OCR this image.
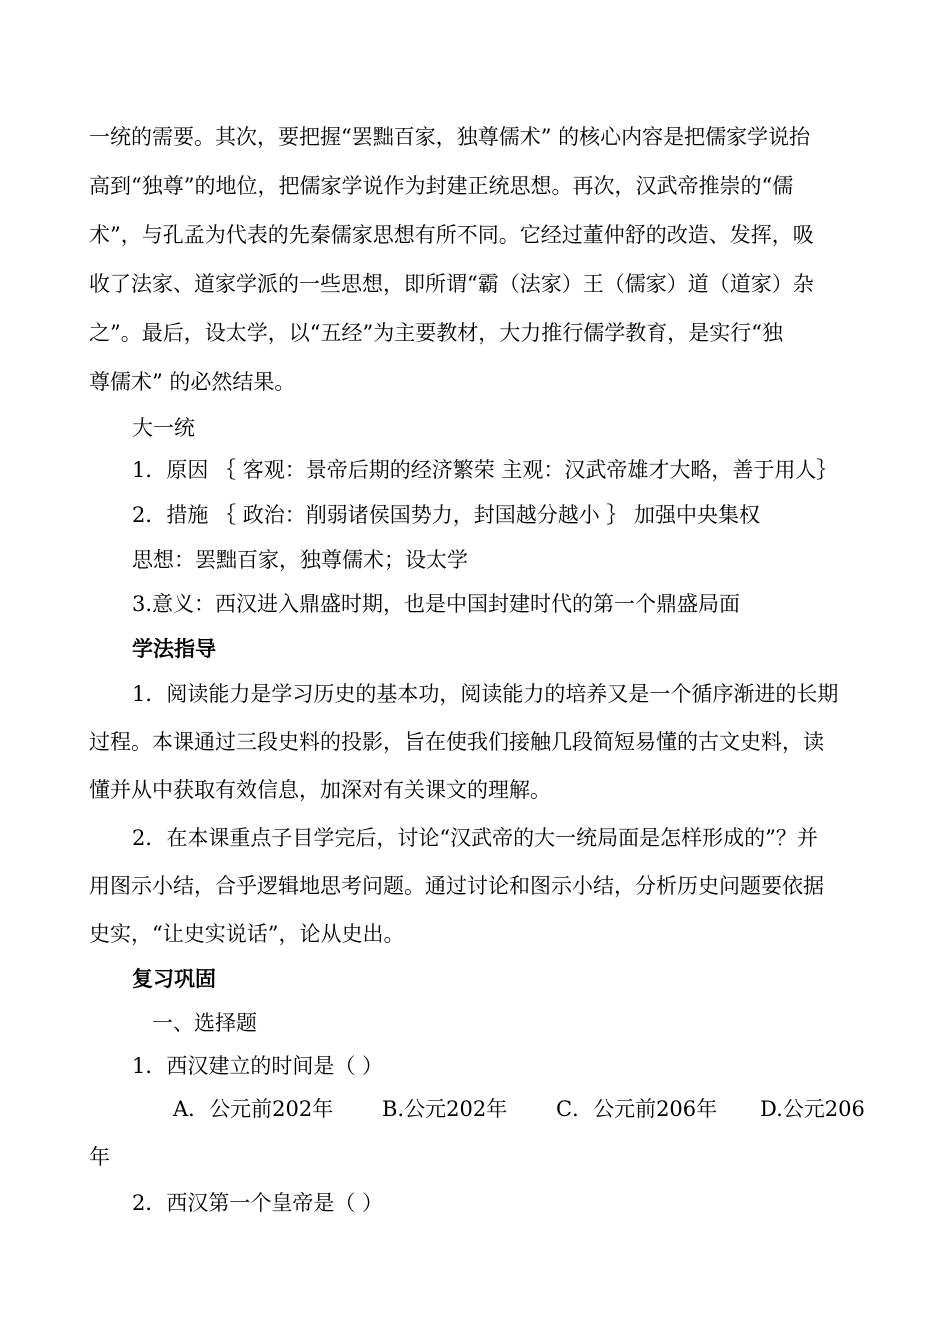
一统的需要。其次，要把握“罢黜百家，独尊儒术” 的核心内容是把儒家学说抬
高到“独尊”的地位，把儒家学说作为封建正统思想。再次，汉武帝推崇的“儒
术”，与孔孟为代表的先秦儒家思想有所不同。它经过董仲舒的改造、发挥，吸
收了法家、道家学派的一些思想，即所谓“霸（法家）王（儒家）道（道家）杂
之”。最后，设太学，以“五经”为主要教材，大力推行儒学教育，是实行“独
尊儒术” 的必然结果。
大一统
1．原因 ｛ 客观：景帝后期的经济繁荣 主观：汉武帝雄才大略，善于用人｝
2．措施 ｛ 政治：削弱诸侯国势力，封国越分越小 ｝ 加强中央集权
思想：罢黜百家，独尊儒术；设太学
3.意义：西汉进入鼎盛时期，也是中国封建时代的第一个鼎盛局面
学法指导
1．阅读能力是学习历史的基本功，阅读能力的培养又是一个循序渐进的长期
过程。本课通过三段史料的投影，旨在使我们接触几段简短易懂的古文史料，读
懂并从中获取有效信息，加深对有关课文的理解。
2．在本课重点子目学完后，讨论“汉武帝的大一统局面是怎样形成的”？并
用图示小结，合乎逻辑地思考问题。通过讨论和图示小结，分析历史问题要依据
史实，“让史实说话”，论从史出。
复习巩固
一、选择题
1．西汉建立的时间是（ ）
A．公元前202年 B.公元202年 C．公元前206年 D.公元206
年
2．西汉第一个皇帝是（ ）
